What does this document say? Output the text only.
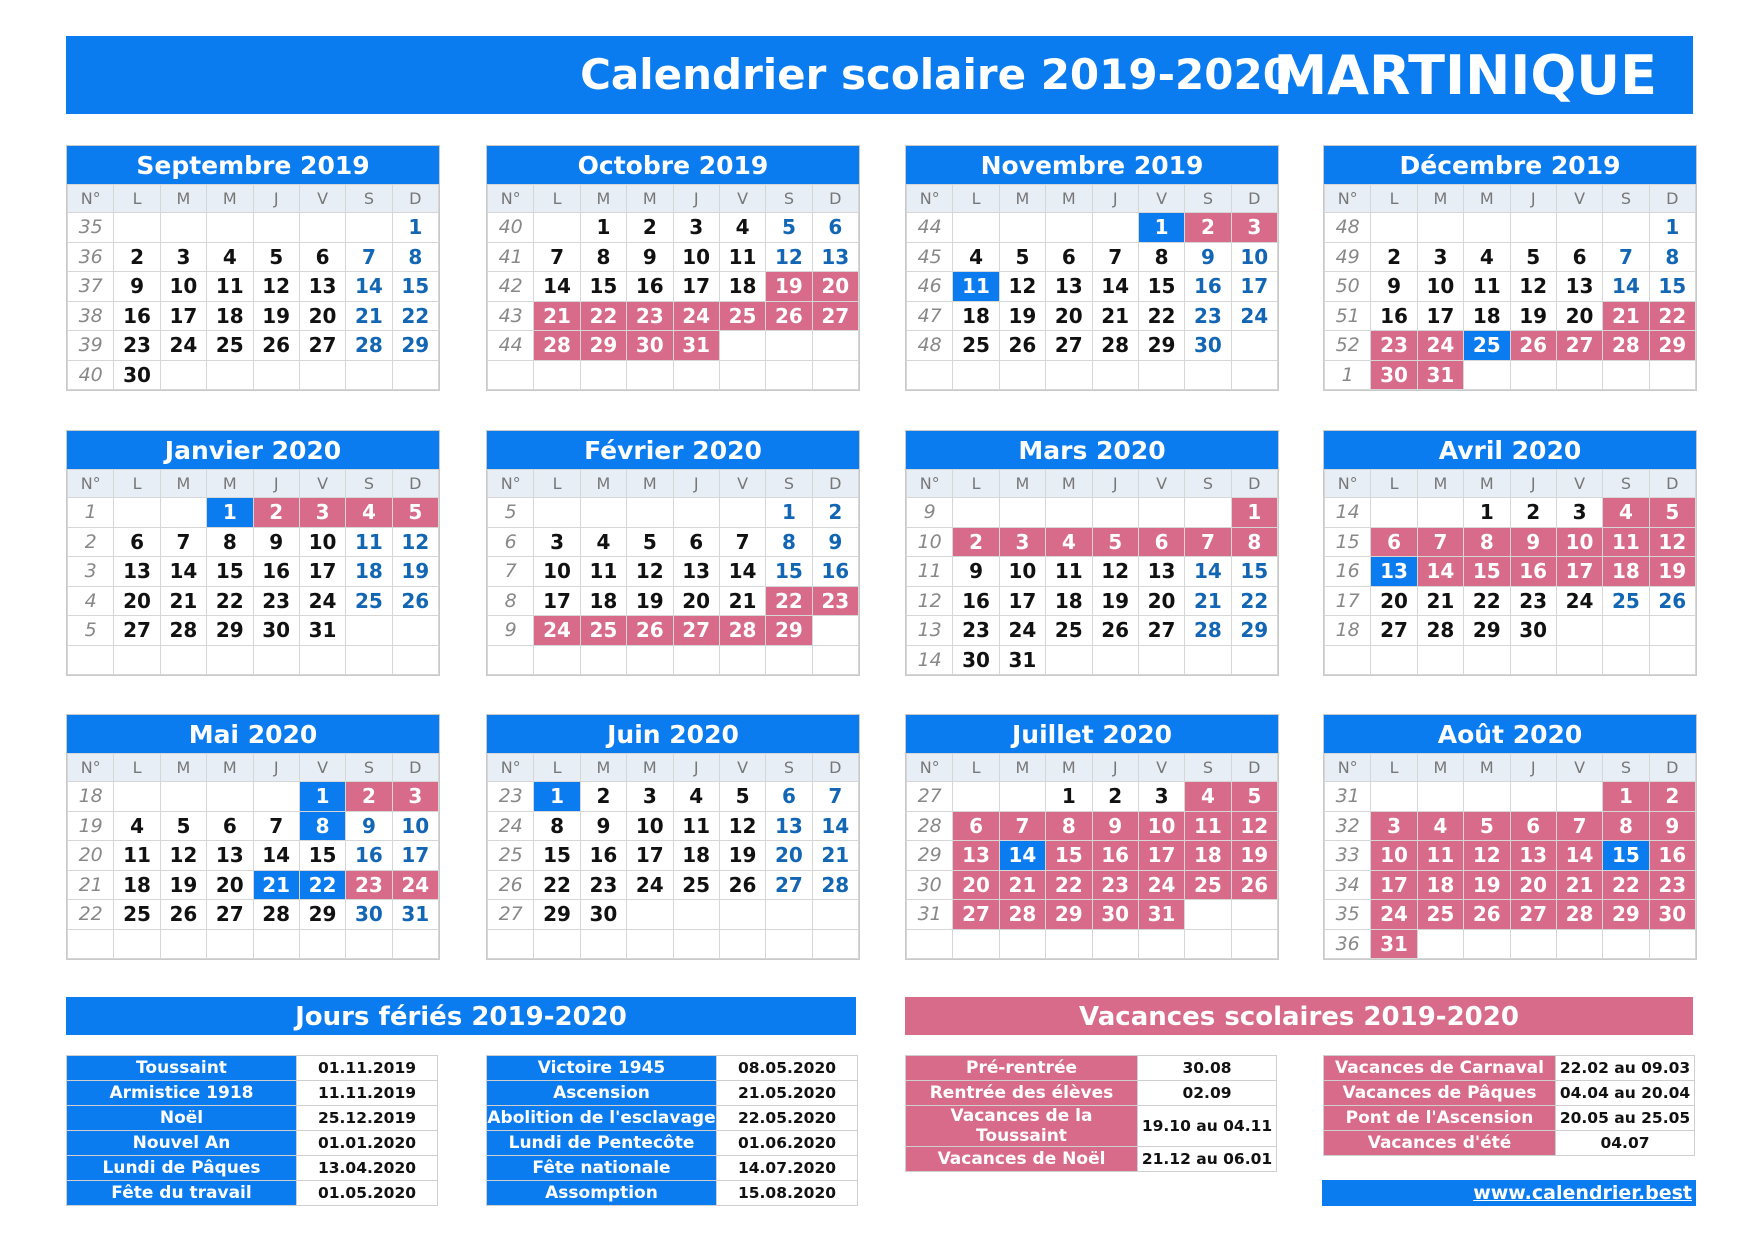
Calendrier scolaire 2019-2020
MARTINIQUE
Septembre 2019
N°	L	M	M	J	V	S	D
35							1
36	2	3	4	5	6	7	8
37	9	10	11	12	13	14	15
38	16	17	18	19	20	21	22
39	23	24	25	26	27	28	29
40	30						
Octobre 2019
N°	L	M	M	J	V	S	D
40		1	2	3	4	5	6
41	7	8	9	10	11	12	13
42	14	15	16	17	18	19	20
43	21	22	23	24	25	26	27
44	28	29	30	31			

Novembre 2019
N°	L	M	M	J	V	S	D
44					1	2	3
45	4	5	6	7	8	9	10
46	11	12	13	14	15	16	17
47	18	19	20	21	22	23	24
48	25	26	27	28	29	30	

Décembre 2019
N°	L	M	M	J	V	S	D
48							1
49	2	3	4	5	6	7	8
50	9	10	11	12	13	14	15
51	16	17	18	19	20	21	22
52	23	24	25	26	27	28	29
1	30	31					
Janvier 2020
N°	L	M	M	J	V	S	D
1			1	2	3	4	5
2	6	7	8	9	10	11	12
3	13	14	15	16	17	18	19
4	20	21	22	23	24	25	26
5	27	28	29	30	31		

Février 2020
N°	L	M	M	J	V	S	D
5						1	2
6	3	4	5	6	7	8	9
7	10	11	12	13	14	15	16
8	17	18	19	20	21	22	23
9	24	25	26	27	28	29	

Mars 2020
N°	L	M	M	J	V	S	D
9							1
10	2	3	4	5	6	7	8
11	9	10	11	12	13	14	15
12	16	17	18	19	20	21	22
13	23	24	25	26	27	28	29
14	30	31					
Avril 2020
N°	L	M	M	J	V	S	D
14			1	2	3	4	5
15	6	7	8	9	10	11	12
16	13	14	15	16	17	18	19
17	20	21	22	23	24	25	26
18	27	28	29	30			

Mai 2020
N°	L	M	M	J	V	S	D
18					1	2	3
19	4	5	6	7	8	9	10
20	11	12	13	14	15	16	17
21	18	19	20	21	22	23	24
22	25	26	27	28	29	30	31

Juin 2020
N°	L	M	M	J	V	S	D
23	1	2	3	4	5	6	7
24	8	9	10	11	12	13	14
25	15	16	17	18	19	20	21
26	22	23	24	25	26	27	28
27	29	30					

Juillet 2020
N°	L	M	M	J	V	S	D
27			1	2	3	4	5
28	6	7	8	9	10	11	12
29	13	14	15	16	17	18	19
30	20	21	22	23	24	25	26
31	27	28	29	30	31		

Août 2020
N°	L	M	M	J	V	S	D
31						1	2
32	3	4	5	6	7	8	9
33	10	11	12	13	14	15	16
34	17	18	19	20	21	22	23
35	24	25	26	27	28	29	30
36	31						
Jours fériés 2019-2020	Vacances scolaires 2019-2020
Toussaint	01.11.2019
Armistice 1918	11.11.2019
Noël	25.12.2019
Nouvel An	01.01.2020
Lundi de Pâques	13.04.2020
Fête du travail	01.05.2020
Victoire 1945	08.05.2020
Ascension	21.05.2020
Abolition de l'esclavage	22.05.2020
Lundi de Pentecôte	01.06.2020
Fête nationale	14.07.2020
Assomption	15.08.2020
Pré-rentrée	30.08
Rentrée des élèves	02.09
Vacances de la Toussaint	19.10 au 04.11
Vacances de Noël	21.12 au 06.01
Vacances de Carnaval	22.02 au 09.03
Vacances de Pâques	04.04 au 20.04
Pont de l'Ascension	20.05 au 25.05
Vacances d'été	04.07
www.calendrier.best
